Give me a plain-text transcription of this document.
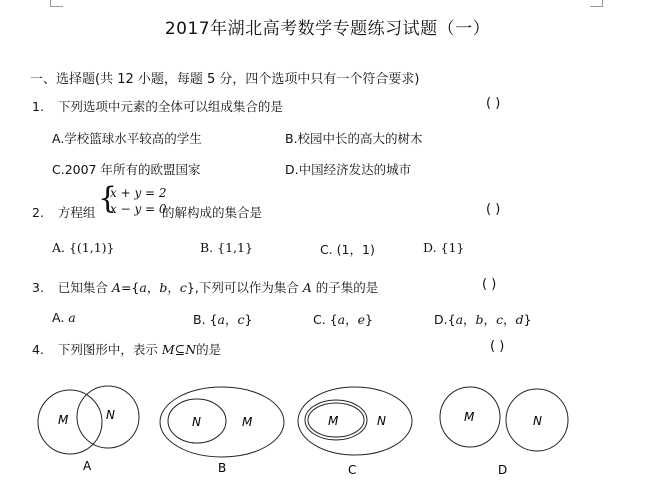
2017年湖北高考数学专题练习试题（一）
一、选择题(共 12 小题，每题 5 分，四个选项中只有一个符合要求)
1. 下列选项中元素的全体可以组成集合的是	( )
A.学校篮球水平较高的学生	B.校园中长的高大的树木
C.2007 年所有的欧盟国家	D.中国经济发达的城市
2. 方程组 {
x + y = 2
x − y = 0
的解构成的集合是	( )
A. {(1,1)}	B. {1,1}	C. (1，1)	D. {1}
3. 已知集合 A={a，b，c},下列可以作为集合 A 的子集的是	( )
A. a	B. {a，c}	C. {a，e}	D.{a，b，c，d}
4. 下列图形中，表示 M⊆N的是	( )
M	N
A
N	M
B
M	N
C
M	N
D
